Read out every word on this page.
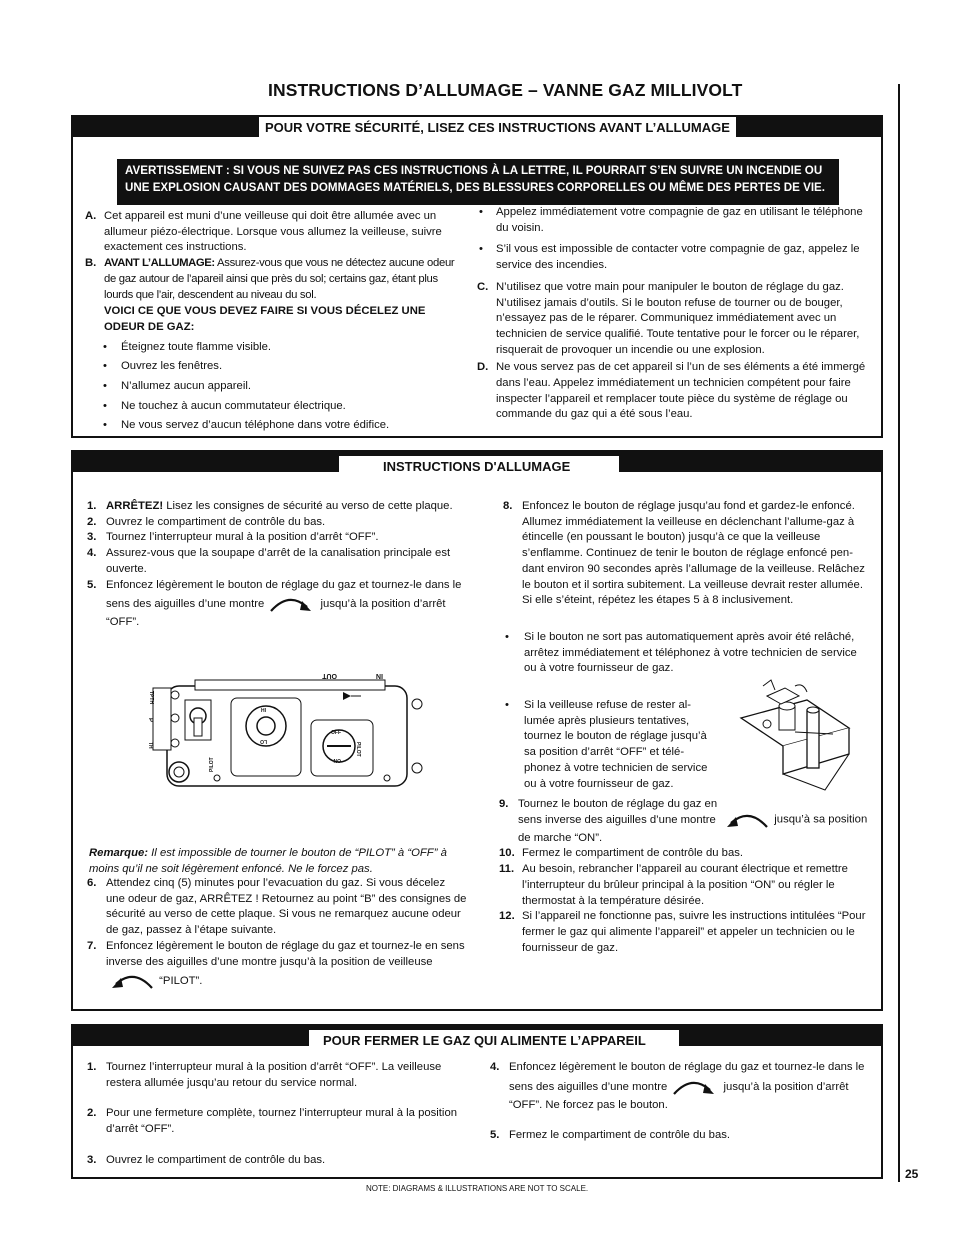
INSTRUCTIONS D’ALLUMAGE – VANNE GAZ MILLIVOLT
POUR VOTRE SÉCURITÉ, LISEZ CES INSTRUCTIONS AVANT L’ALLUMAGE
AVERTISSEMENT : SI VOUS NE SUIVEZ PAS CES INSTRUCTIONS À LA LETTRE, IL POURRAIT S’EN SUIVRE UN INCENDIE OU UNE EXPLOSION CAUSANT DES DOMMAGES MATÉRIELS, DES BLESSURES CORPORELLES OU MÊME DES PERTES DE VIE.
A. Cet appareil est muni d’une veilleuse qui doit être allumée avec un allumeur piézo-électrique. Lorsque vous allumez la veilleuse, suivre exactement ces instructions.
B. AVANT L’ALLUMAGE: Assurez-vous que vous ne détectez aucune odeur de gaz autour de l’apareil ainsi que près du sol; certains gaz, étant plus lourds que l’air, descendent au niveau du sol.
VOICI CE QUE VOUS DEVEZ FAIRE SI VOUS DÉCELEZ UNE ODEUR DE GAZ:
• Éteignez toute flamme visible.
• Ouvrez les fenêtres.
• N’allumez aucun appareil.
• Ne touchez à aucun commutateur électrique.
• Ne vous servez d’aucun téléphone dans votre édifice.
• Appelez immédiatement votre compagnie de gaz en utilisant le téléphone du voisin.
• S’il vous est impossible de contacter votre compagnie de gaz, appelez le service des incendies.
C. N’utilisez que votre main pour manipuler le bouton de réglage du gaz. N’utilisez jamais d’outils. Si le bouton refuse de tourner ou de bouger, n’essayez pas de le réparer. Communiquez immédiatement avec un technicien de service qualifié. Toute tentative pour le forcer ou le réparer, risquerait de provoquer un incendie ou une explosion.
D. Ne vous servez pas de cet appareil si l’un de ses éléments a été immergé dans l’eau. Appelez immédiatement un technicien compétent pour faire inspecter l’appareil et remplacer toute pièce du système de réglage ou commande du gaz qui a été sous l’eau.
INSTRUCTIONS D'ALLUMAGE
1. ARRÊTEZ! Lisez les consignes de sécurité au verso de cette plaque.
2. Ouvrez le compartiment de contrôle du bas.
3. Tournez l’interrupteur mural à la position d’arrêt “OFF”.
4. Assurez-vous que la soupape d’arrêt de la canalisation principale est ouverte.
5. Enfoncez légèrement le bouton de réglage du gaz et tournez-le dans le sens des aiguilles d’une montre	jusqu’à la position d’arrêt “OFF”.
IN
OUT
TPTH
P
TH
PILOT
HI
LO
OFF
PILOT
ON
Remarque: Il est impossible de tourner le bouton de “PILOT” à “OFF” à moins qu’il ne soit légèrement enfoncé. Ne le forcez pas.
6. Attendez cinq (5) minutes pour l’evacuation du gaz. Si vous décelez une odeur de gaz, ARRÊTEZ ! Retournez au point “B” des consignes de sécurité au verso de cette plaque. Si vous ne remarquez aucune odeur de gaz, passez à l’étape suivante.
7. Enfoncez légèrement le bouton de réglage du gaz et tournez-le en sens inverse des aiguilles d’une montre jusqu’à la position de veilleuse  “PILOT”.
8. Enfoncez le bouton de réglage jusqu’au fond et gardez-le enfoncé. Allumez immédiatement la veilleuse en déclenchant l’allume-gaz à étincelle (en poussant le bouton) jusqu’à ce que la veilleuse s’enflamme. Continuez de tenir le bouton de réglage enfoncé pendant environ 90 secondes après l’allumage de la veilleuse. Relâchez le bouton et il sortira subitement. La veilleuse devrait rester allumée. Si elle s’éteint, répétez les étapes 5 à 8 inclusivement.
• Si le bouton ne sort pas automatiquement après avoir été relâché, arrêtez immédiatement et téléphonez à votre technicien de service ou à votre fournisseur de gaz.
• Si la veilleuse refuse de rester allumée après plusieurs tentatives, tournez le bouton de réglage jusqu’à sa position d’arrêt “OFF” et téléphonez à votre technicien de service ou à votre fournisseur de gaz.
9. Tournez le bouton de réglage du gaz en sens inverse des aiguilles d’une montre	jusqu’à sa position de marche “ON”.
10. Fermez le compartiment de contrôle du bas.
11. Au besoin, rebrancher l’appareil au courant électrique et remettre l’interrupteur du brûleur principal à la position “ON” ou régler le thermostat à la température désirée.
12. Si l’appareil ne fonctionne pas, suivre les instructions intitulées “Pour fermer le gaz qui alimente l’appareil” et appeler un technicien ou le fournisseur de gaz.
POUR FERMER LE GAZ QUI ALIMENTE L’APPAREIL
1. Tournez l’interrupteur mural à la position d’arrêt “OFF”. La veilleuse restera allumée jusqu’au retour du service normal.
2. Pour une fermeture complète, tournez l’interrupteur mural à la position d’arrêt “OFF”.
3. Ouvrez le compartiment de contrôle du bas.
4. Enfoncez légèrement le bouton de réglage du gaz et tournez-le dans le sens des aiguilles d’une montre	jusqu’à la position d’arrêt “OFF”. Ne forcez pas le bouton.
5. Fermez le compartiment de contrôle du bas.
25
NOTE: DIAGRAMS & ILLUSTRATIONS ARE NOT TO SCALE.
